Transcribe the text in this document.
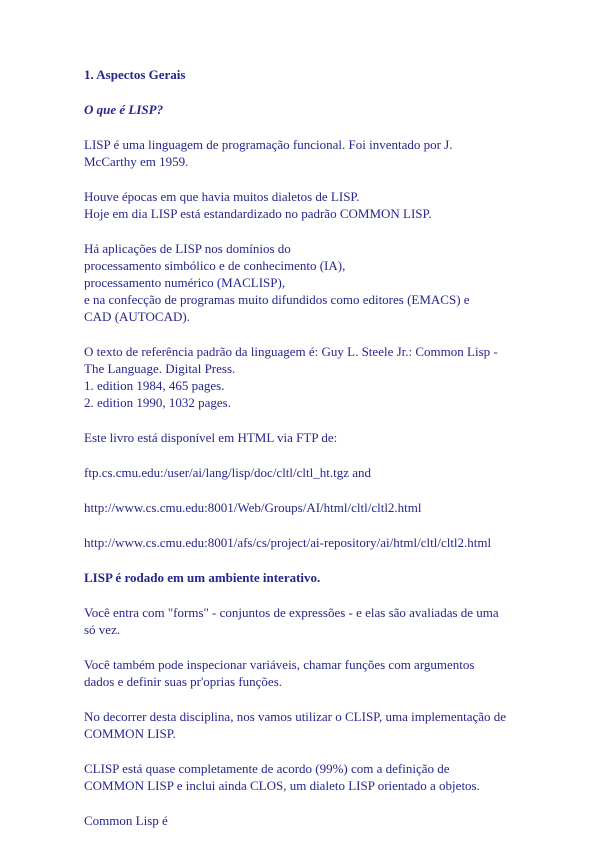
1. Aspectos Gerais
O que é LISP?
LISP é uma linguagem de programação funcional. Foi inventado por J. McCarthy em 1959.
Houve épocas em que havia muitos dialetos de LISP.
Hoje em dia LISP está estandardizado no padrão COMMON LISP.
Há aplicações de LISP nos domínios do
processamento simbólico e de conhecimento (IA),
processamento numérico (MACLISP),
e na confecção de programas muito difundidos como editores (EMACS) e
CAD (AUTOCAD).
O texto de referência padrão da linguagem é: Guy L. Steele Jr.: Common Lisp - The Language. Digital Press.
1. edition 1984, 465 pages.
2. edition 1990, 1032 pages.
Este livro está disponível em HTML via FTP de:
ftp.cs.cmu.edu:/user/ai/lang/lisp/doc/cltl/cltl_ht.tgz and
http://www.cs.cmu.edu:8001/Web/Groups/AI/html/cltl/cltl2.html
http://www.cs.cmu.edu:8001/afs/cs/project/ai-repository/ai/html/cltl/cltl2.html
LISP é rodado em um ambiente interativo.
Você entra com "forms" - conjuntos de expressões - e elas são avaliadas de uma só vez.
Você também pode inspecionar variáveis, chamar funções com argumentos dados e definir suas pr'oprias funções.
No decorrer desta disciplina, nos vamos utilizar o CLISP, uma implementação de COMMON LISP.
CLISP está quase completamente de acordo (99%) com a definição de COMMON LISP e inclui ainda CLOS, um dialeto LISP orientado a objetos.
Common Lisp é
